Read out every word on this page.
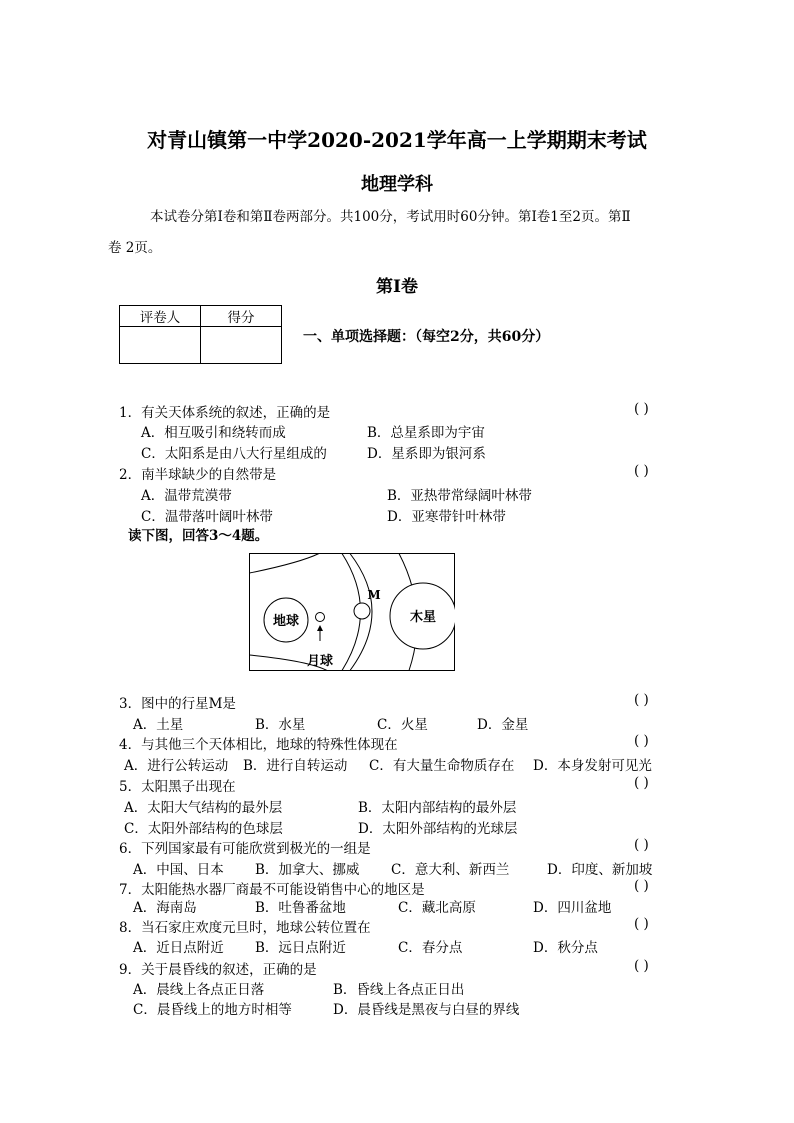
对青山镇第一中学2020-2021学年高一上学期期末考试
地理学科
本试卷分第Ⅰ卷和第Ⅱ卷两部分。共100分，考试用时60分钟。第Ⅰ卷1至2页。第Ⅱ
卷 2页。
第Ⅰ卷
评卷人	得分

一、单项选择题：（每空2分，共60分）
1．有关天体系统的叙述，正确的是	( )
A．相互吸引和绕转而成	B．总星系即为宇宙
C．太阳系是由八大行星组成的	D．星系即为银河系
2．南半球缺少的自然带是	( )
A．温带荒漠带	B．亚热带常绿阔叶林带
C．温带落叶阔叶林带	D．亚寒带针叶林带
读下图，回答3～4题。
地球
月球
M
木星
3．图中的行星M是	( )
A．土星	B．水星	C．火星	D．金星
4．与其他三个天体相比，地球的特殊性体现在	( )
A．进行公转运动 B．进行自转运动 C．有大量生命物质存在 D．本身发射可见光
5．太阳黑子出现在	( )
A．太阳大气结构的最外层	B．太阳内部结构的最外层
C．太阳外部结构的色球层	D．太阳外部结构的光球层
6．下列国家最有可能欣赏到极光的一组是	( )
A．中国、日本 B．加拿大、挪威 C．意大利、新西兰	D．印度、新加坡
7．太阳能热水器厂商最不可能设销售中心的地区是	( )
A．海南岛	B．吐鲁番盆地	C．藏北高原	D．四川盆地
8．当石家庄欢度元旦时，地球公转位置在	( )
A．近日点附近 B．远日点附近	C．春分点	D．秋分点
9．关于晨昏线的叙述，正确的是	( )
A．晨线上各点正日落	B．昏线上各点正日出
C．晨昏线上的地方时相等	D．晨昏线是黑夜与白昼的界线
